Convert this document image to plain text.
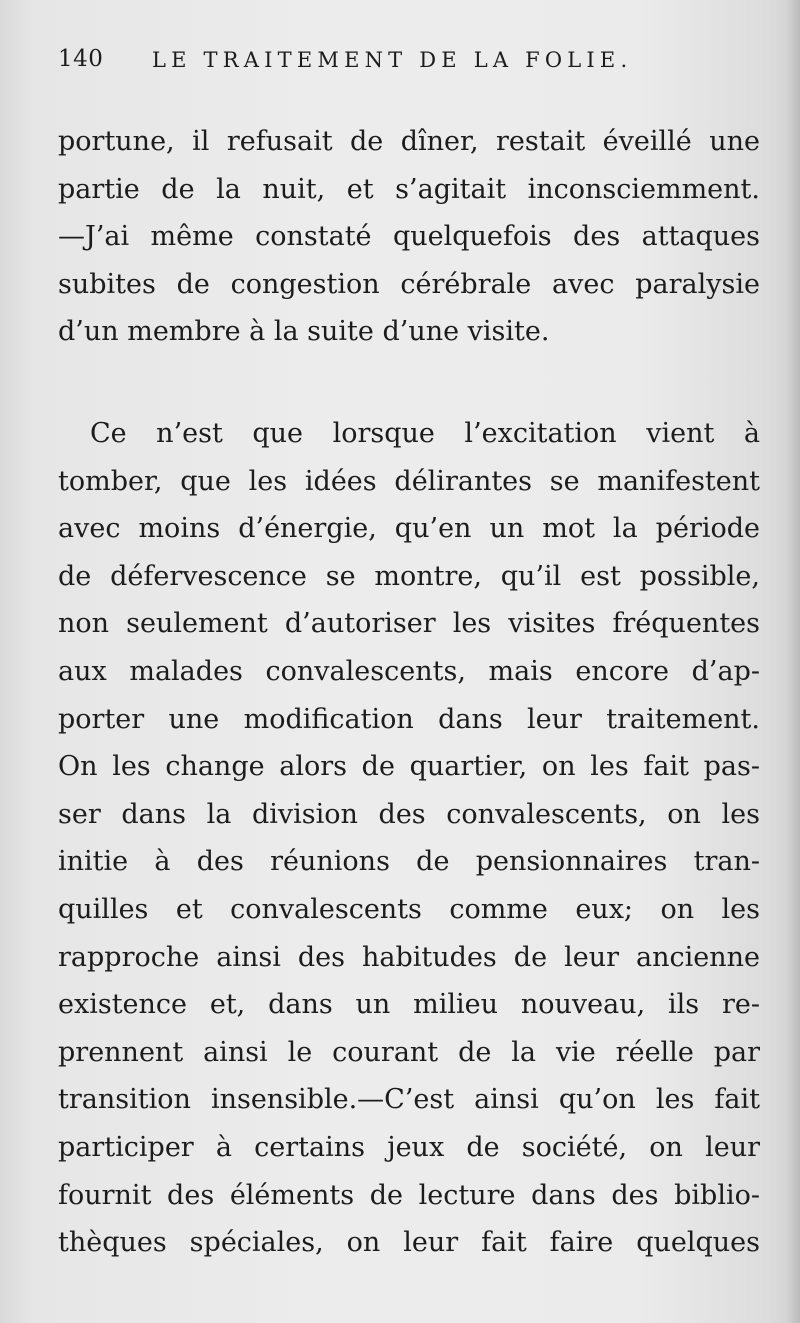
140 LE TRAITEMENT DE LA FOLIE.
portune, il refusait de dîner, restait éveillé une
partie de la nuit, et s’agitait inconsciemment.
—J’ai même constaté quelquefois des attaques
subites de congestion cérébrale avec paralysie
d’un membre à la suite d’une visite.
Ce n’est que lorsque l’excitation vient à
tomber, que les idées délirantes se manifestent
avec moins d’énergie, qu’en un mot la période
de défervescence se montre, qu’il est possible,
non seulement d’autoriser les visites fréquentes
aux malades convalescents, mais encore d’ap-
porter une modification dans leur traitement.
On les change alors de quartier, on les fait pas-
ser dans la division des convalescents, on les
initie à des réunions de pensionnaires tran-
quilles et convalescents comme eux; on les
rapproche ainsi des habitudes de leur ancienne
existence et, dans un milieu nouveau, ils re-
prennent ainsi le courant de la vie réelle par
transition insensible.—C’est ainsi qu’on les fait
participer à certains jeux de société, on leur
fournit des éléments de lecture dans des biblio-
thèques spéciales, on leur fait faire quelques
